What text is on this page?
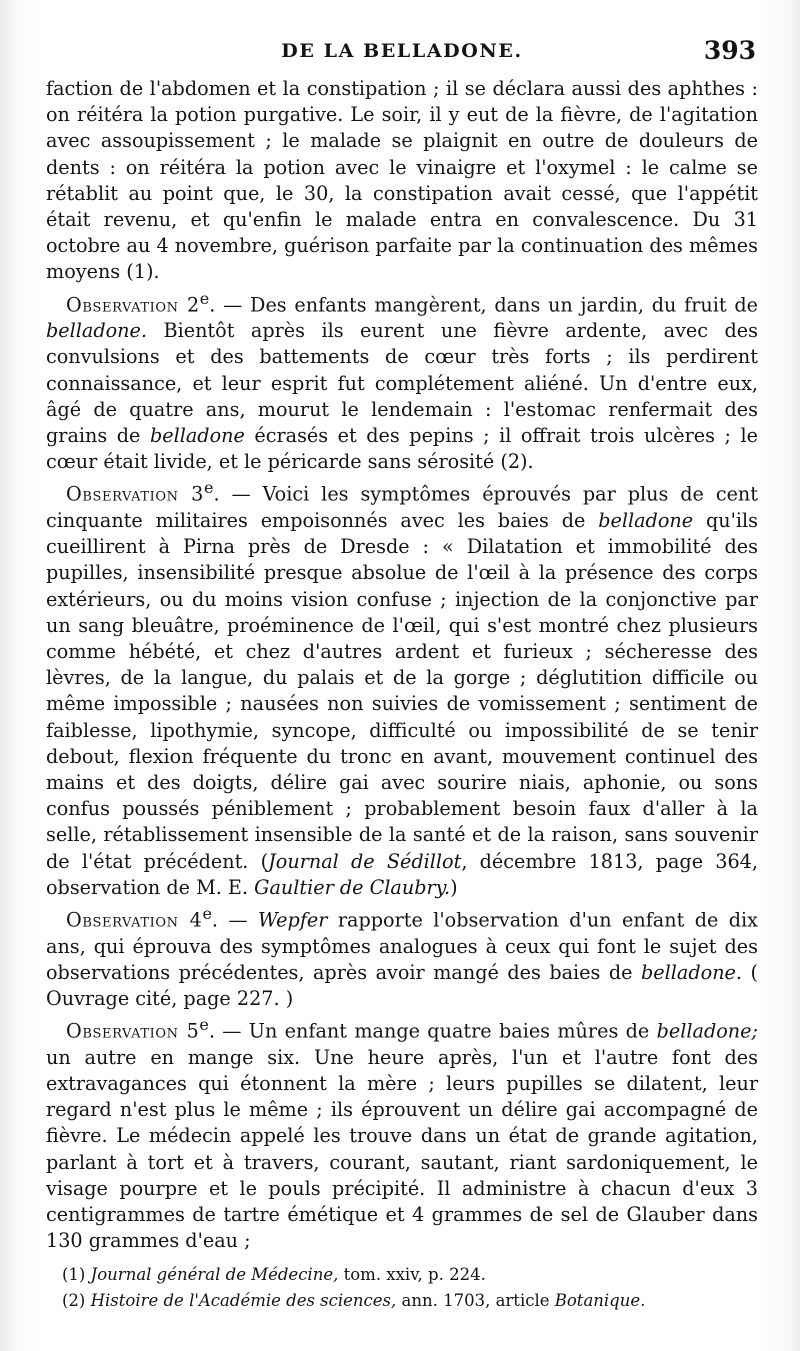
DE LA BELLADONE.	393

faction de l'abdomen et la constipation ; il se déclara aussi des aphthes : on réitéra la potion purgative. Le soir, il y eut de la fièvre, de l'agitation avec assoupissement ; le malade se plaignit en outre de douleurs de dents : on réitéra la potion avec le vinaigre et l'oxymel : le calme se rétablit au point que, le 30, la constipation avait cessé, que l'appétit était revenu, et qu'enfin le malade entra en convalescence. Du 31 octobre au 4 novembre, guérison parfaite par la continuation des mêmes moyens (1).

Observation 2e. — Des enfants mangèrent, dans un jardin, du fruit de belladone. Bientôt après ils eurent une fièvre ardente, avec des convulsions et des battements de cœur très forts ; ils perdirent connaissance, et leur esprit fut complétement aliéné. Un d'entre eux, âgé de quatre ans, mourut le lendemain : l'estomac renfermait des grains de belladone écrasés et des pepins ; il offrait trois ulcères ; le cœur était livide, et le péricarde sans sérosité (2).

Observation 3e. — Voici les symptômes éprouvés par plus de cent cinquante militaires empoisonnés avec les baies de belladone qu'ils cueillirent à Pirna près de Dresde : « Dilatation et immobilité des pupilles, insensibilité presque absolue de l'œil à la présence des corps extérieurs, ou du moins vision confuse ; injection de la conjonctive par un sang bleuâtre, proéminence de l'œil, qui s'est montré chez plusieurs comme hébété, et chez d'autres ardent et furieux ; sécheresse des lèvres, de la langue, du palais et de la gorge ; déglutition difficile ou même impossible ; nausées non suivies de vomissement ; sentiment de faiblesse, lipothymie, syncope, difficulté ou impossibilité de se tenir debout, flexion fréquente du tronc en avant, mouvement continuel des mains et des doigts, délire gai avec sourire niais, aphonie, ou sons confus poussés péniblement ; probablement besoin faux d'aller à la selle, rétablissement insensible de la santé et de la raison, sans souvenir de l'état précédent. (Journal de Sédillot, décembre 1813, page 364, observation de M. E. Gaultier de Claubry.)

Observation 4e. — Wepfer rapporte l'observation d'un enfant de dix ans, qui éprouva des symptômes analogues à ceux qui font le sujet des observations précédentes, après avoir mangé des baies de belladone. ( Ouvrage cité, page 227. )

Observation 5e. — Un enfant mange quatre baies mûres de belladone; un autre en mange six. Une heure après, l'un et l'autre font des extravagances qui étonnent la mère ; leurs pupilles se dilatent, leur regard n'est plus le même ; ils éprouvent un délire gai accompagné de fièvre. Le médecin appelé les trouve dans un état de grande agitation, parlant à tort et à travers, courant, sautant, riant sardoniquement, le visage pourpre et le pouls précipité. Il administre à chacun d'eux 3 centigrammes de tartre émétique et 4 grammes de sel de Glauber dans 130 grammes d'eau ;

(1) Journal général de Médecine, tom. xxiv, p. 224.
(2) Histoire de l'Académie des sciences, ann. 1703, article Botanique.
